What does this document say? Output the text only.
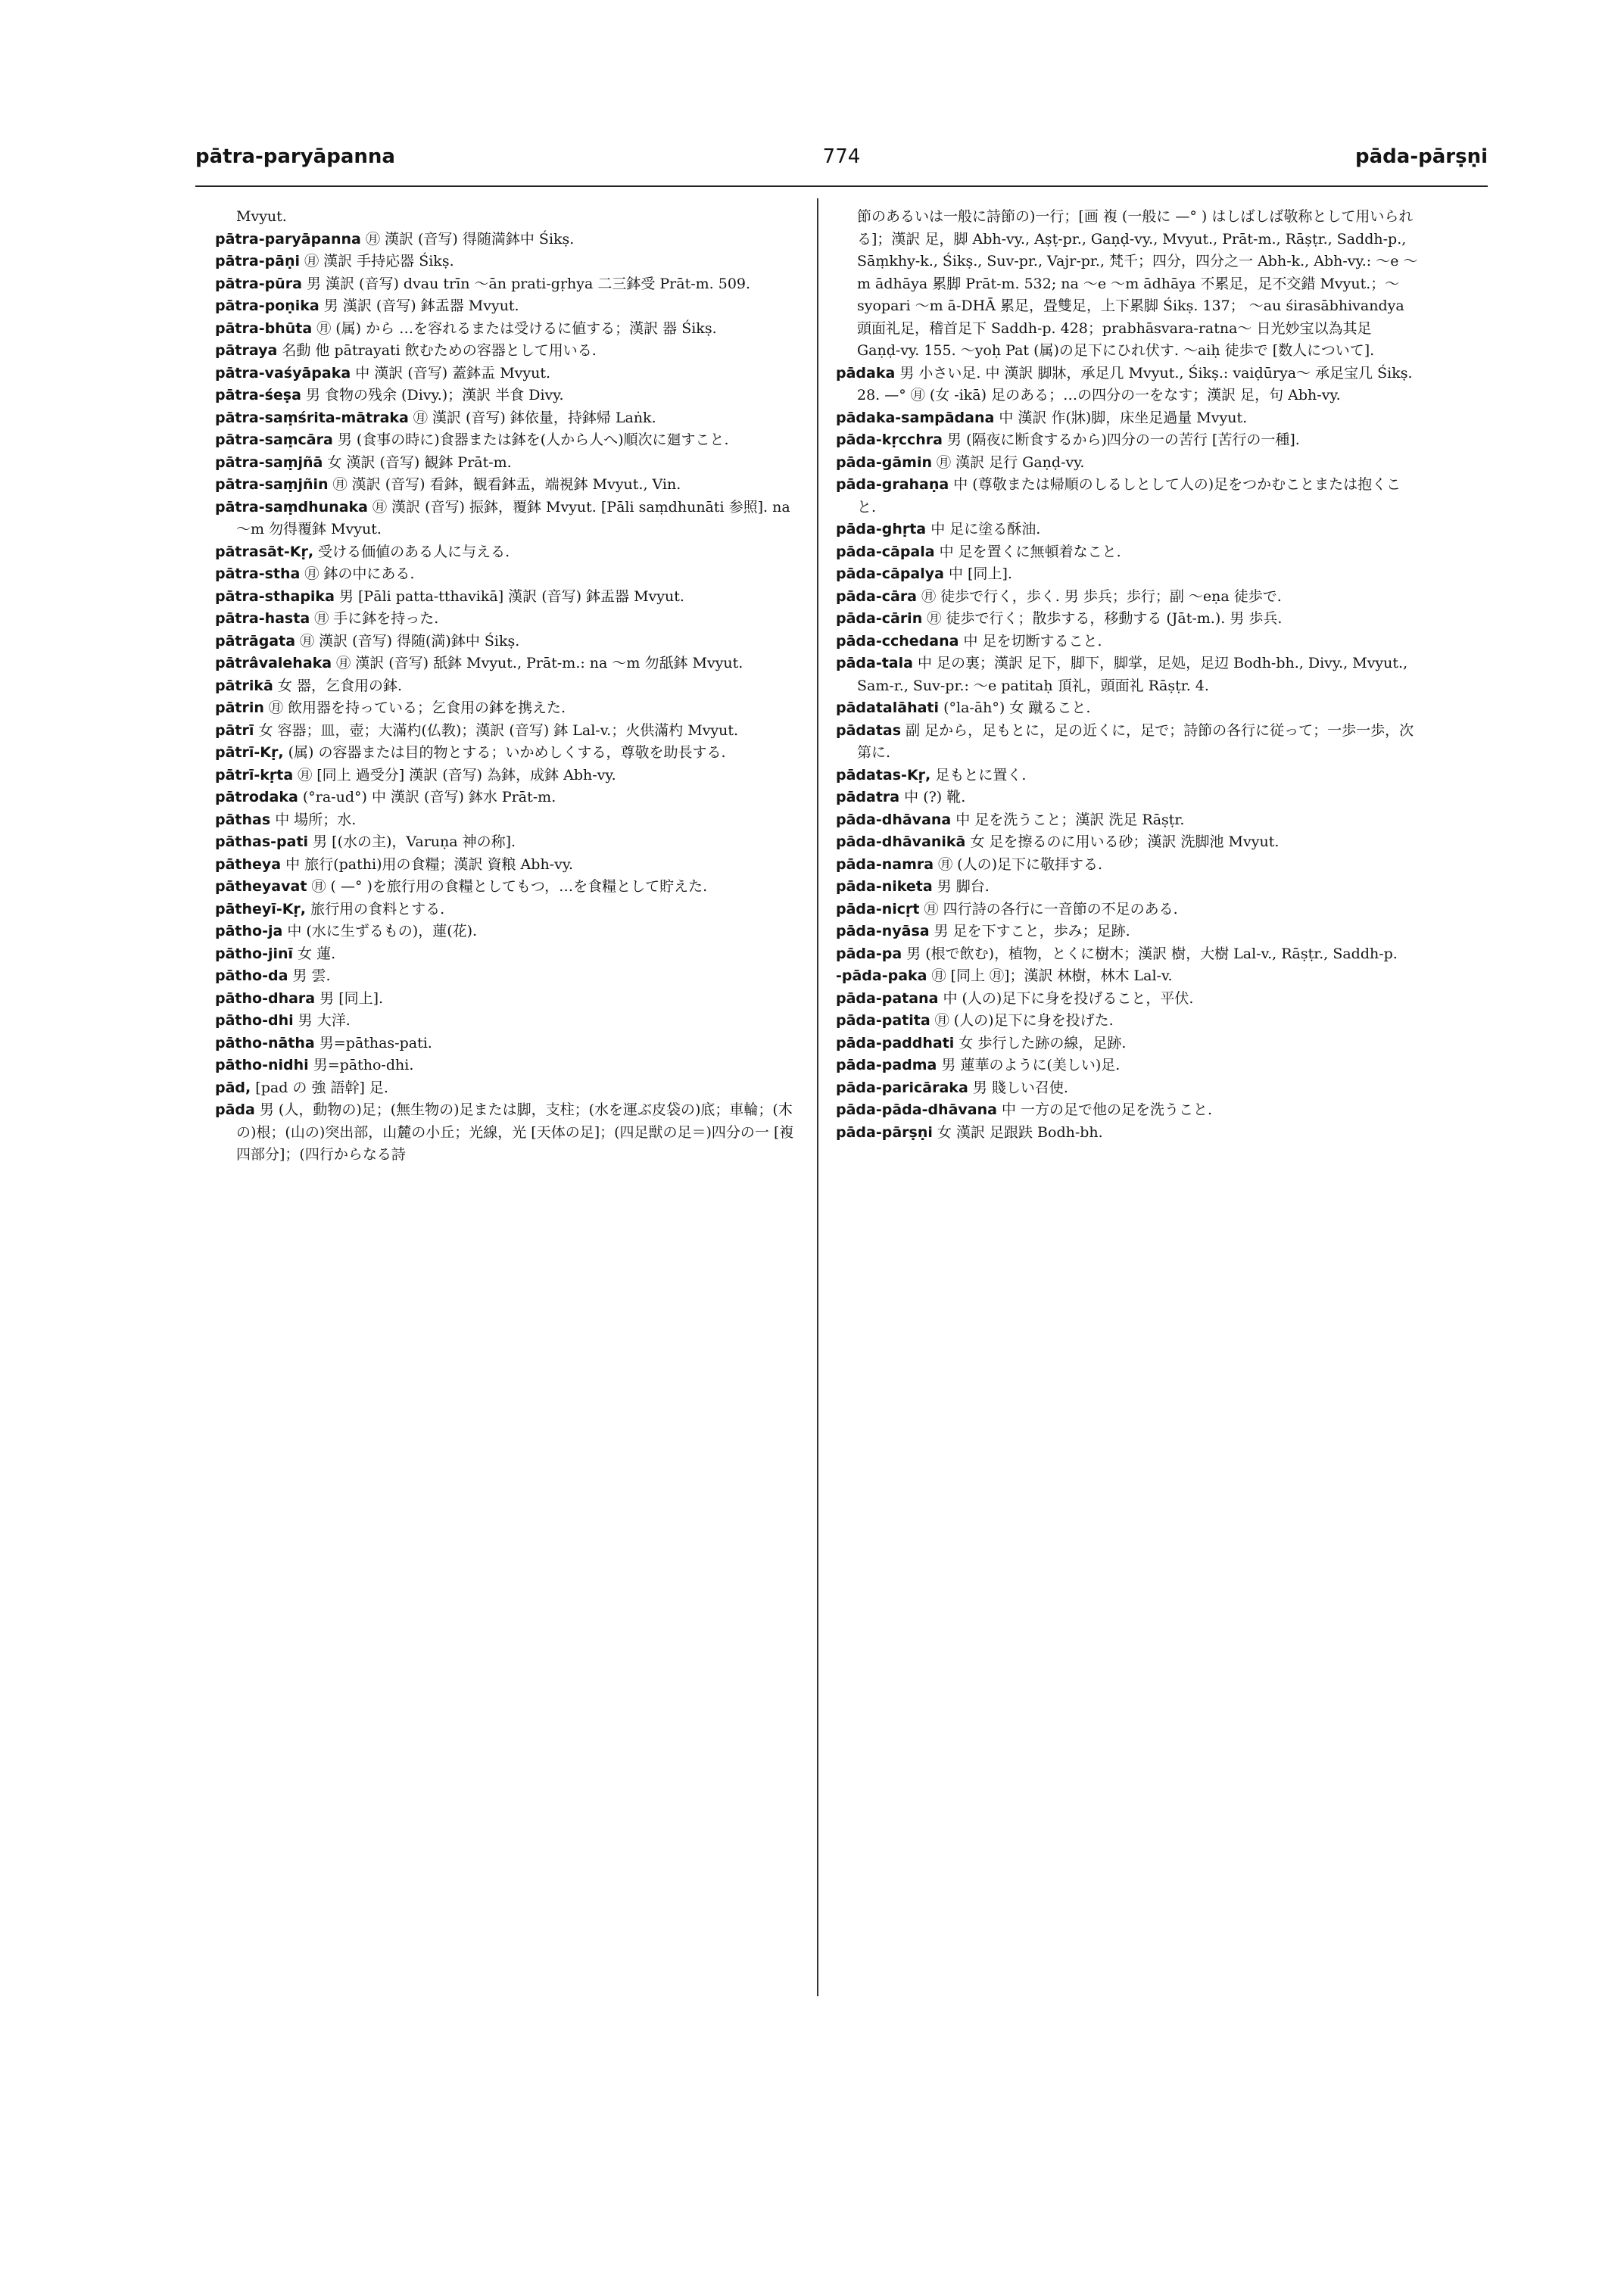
pātra-paryāpanna	774	pāda-pārṣṇi

Mvyut.

pātra-paryāpanna ㊊ 漢訳 (音写) 得随満鉢中 Śikṣ.

pātra-pāṇi ㊊ 漢訳 手持応器 Śikṣ.

pātra-pūra 男 漢訳 (音写) dvau trīn ～ān prati-gṛhya 二三鉢受 Prāt-m. 509.

pātra-poṇika 男 漢訳 (音写) 鉢盂器 Mvyut.

pātra-bhūta ㊊ (属) から …を容れるまたは受けるに値する；漢訳 器 Śikṣ.

pātraya 名動 他 pātrayati 飲むための容器として用いる.

pātra-vaśyāpaka 中 漢訳 (音写) 蓋鉢盂 Mvyut.

pātra-śeṣa 男 食物の残余 (Divy.)；漢訳 半食 Divy.

pātra-saṃśrita-mātraka ㊊ 漢訳 (音写) 鉢依量，持鉢帰 Laṅk.

pātra-saṃcāra 男 (食事の時に)食器または鉢を(人から人へ)順次に廻すこと.

pātra-saṃjñā 女 漢訳 (音写) 観鉢 Prāt-m.

pātra-saṃjñin ㊊ 漢訳 (音写) 看鉢，観看鉢盂，端視鉢 Mvyut., Vin.

pātra-saṃdhunaka ㊊ 漢訳 (音写) 振鉢，覆鉢 Mvyut. [Pāli saṃdhunāti 参照]. na ～m 勿得覆鉢 Mvyut.

pātrasāt-Kṛ, 受ける価値のある人に与える.

pātra-stha ㊊ 鉢の中にある.

pātra-sthapika 男 [Pāli patta-tthavikā] 漢訳 (音写) 鉢盂器 Mvyut.

pātra-hasta ㊊ 手に鉢を持った.

pātrāgata ㊊ 漢訳 (音写) 得随(満)鉢中 Śikṣ.

pātrâvalehaka ㊊ 漢訳 (音写) 舐鉢 Mvyut., Prāt-m.: na ～m 勿舐鉢 Mvyut.

pātrikā 女 器，乞食用の鉢.

pātrin ㊊ 飲用器を持っている；乞食用の鉢を携えた.

pātrī 女 容器；皿，壺；大滿杓(仏教)；漢訳 (音写) 鉢 Lal-v.；火供滿杓 Mvyut.

pātrī-Kṛ, (属) の容器または目的物とする；いかめしくする，尊敬を助長する.

pātrī-kṛta ㊊ [同上 過受分] 漢訳 (音写) 為鉢，成鉢 Abh-vy.

pātrodaka (°ra-ud°) 中 漢訳 (音写) 鉢水 Prāt-m.

pāthas 中 場所；水.

pāthas-pati 男 [(水の主)，Varuṇa 神の称].

pātheya 中 旅行(pathi)用の食糧；漢訳 資粮 Abh-vy.

pātheyavat ㊊ ( —° )を旅行用の食糧としてもつ，…を食糧として貯えた.

pātheyī-Kṛ, 旅行用の食料とする.

pātho-ja 中 (水に生ずるもの)，蓮(花).

pātho-jinī 女 蓮.

pātho-da 男 雲.

pātho-dhara 男 [同上].

pātho-dhi 男 大洋.

pātho-nātha 男=pāthas-pati.

pātho-nidhi 男=pātho-dhi.

pād, [pad の 強 語幹] 足.

pāda 男 (人，動物の)足；(無生物の)足または脚，支柱；(水を運ぶ皮袋の)底；車輪；(木の)根；(山の)突出部，山麓の小丘；光線，光 [天体の足]；(四足獣の足＝)四分の一 [複 四部分]；(四行からなる詩

節のあるいは一般に詩節の)一行；[画 複 (一般に —° ) はしばしば敬称として用いられる]；漢訳 足，脚 Abh-vy., Aṣṭ-pr., Gaṇḍ-vy., Mvyut., Prāt-m., Rāṣṭr., Saddh-p., Sāṃkhy-k., Śikṣ., Suv-pr., Vajr-pr., 梵千；四分，四分之一 Abh-k., Abh-vy.: ～e ～m ādhāya 累脚 Prāt-m. 532; na ～e ～m ādhāya 不累足，足不交錯 Mvyut.；～syopari ～m ā-DHĀ 累足，畳雙足，上下累脚 Śikṣ. 137； ～au śirasābhivandya 頭面礼足，稽首足下 Saddh-p. 428；prabhāsvara-ratna～ 日光妙宝以為其足 Gaṇḍ-vy. 155. ～yoḥ Pat (属)の足下にひれ伏す. ～aiḥ 徒歩で [数人について].

pādaka 男 小さい足. 中 漢訳 脚牀，承足几 Mvyut., Śikṣ.: vaiḍūrya～ 承足宝几 Śikṣ. 28. —° ㊊ (女 -ikā) 足のある；…の四分の一をなす；漢訳 足，句 Abh-vy.

pādaka-sampādana 中 漢訳 作(牀)脚，床坐足過量 Mvyut.

pāda-kṛcchra 男 (隔夜に断食するから)四分の一の苦行 [苦行の一種].

pāda-gāmin ㊊ 漢訳 足行 Gaṇḍ-vy.

pāda-grahaṇa 中 (尊敬または帰順のしるしとして人の)足をつかむことまたは抱くこと.

pāda-ghṛta 中 足に塗る酥油.

pāda-cāpala 中 足を置くに無頓着なこと.

pāda-cāpalya 中 [同上].

pāda-cāra ㊊ 徒歩で行く，歩く. 男 歩兵；歩行；副 ～eṇa 徒歩で.

pāda-cārin ㊊ 徒歩で行く；散歩する，移動する (Jāt-m.). 男 歩兵.

pāda-cchedana 中 足を切断すること.

pāda-tala 中 足の裏；漢訳 足下，脚下，脚掌，足処，足辺 Bodh-bh., Divy., Mvyut., Sam-r., Suv-pr.: ～e patitaḥ 頂礼，頭面礼 Rāṣṭr. 4.

pādatalāhati (°la-āh°) 女 蹴ること.

pādatas 副 足から，足もとに，足の近くに，足で；詩節の各行に従って；一歩一歩，次第に.

pādatas-Kṛ, 足もとに置く.

pādatra 中 (?) 靴.

pāda-dhāvana 中 足を洗うこと；漢訳 洗足 Rāṣṭr.

pāda-dhāvanikā 女 足を擦るのに用いる砂；漢訳 洗脚池 Mvyut.

pāda-namra ㊊ (人の)足下に敬拝する.

pāda-niketa 男 脚台.

pāda-nicṛt ㊊ 四行詩の各行に一音節の不足のある.

pāda-nyāsa 男 足を下すこと，歩み；足跡.

pāda-pa 男 (根で飲む)，植物，とくに樹木；漢訳 樹，大樹 Lal-v., Rāṣṭr., Saddh-p.

-pāda-paka ㊊ [同上 ㊊]；漢訳 林樹，林木 Lal-v.

pāda-patana 中 (人の)足下に身を投げること，平伏.

pāda-patita ㊊ (人の)足下に身を投げた.

pāda-paddhati 女 歩行した跡の線，足跡.

pāda-padma 男 蓮華のように(美しい)足.

pāda-paricāraka 男 賤しい召使.

pāda-pāda-dhāvana 中 一方の足で他の足を洗うこと.

pāda-pārṣṇi 女 漢訳 足跟趺 Bodh-bh.
